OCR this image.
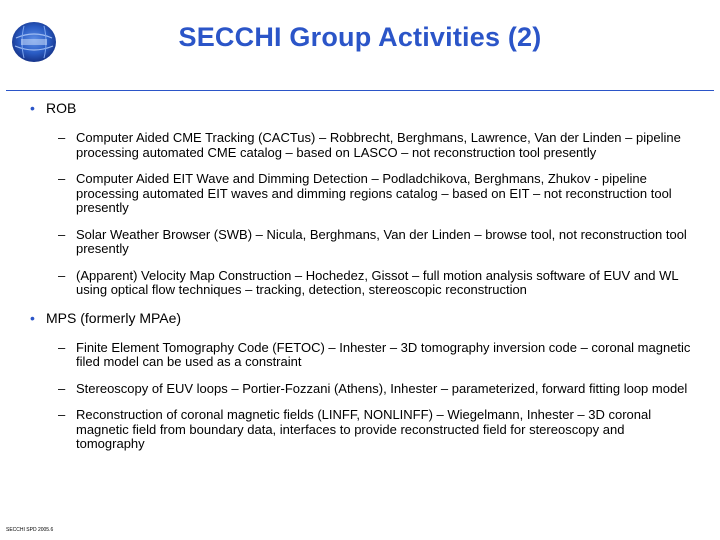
SECCHI Group Activities (2)
• ROB
– Computer Aided CME Tracking (CACTus) – Robbrecht, Berghmans, Lawrence, Van der Linden – pipeline processing automated CME catalog – based on LASCO – not reconstruction tool presently
– Computer Aided EIT Wave and Dimming Detection – Podladchikova, Berghmans, Zhukov - pipeline processing automated EIT waves and dimming regions catalog – based on EIT – not reconstruction tool presently
– Solar Weather Browser (SWB) – Nicula, Berghmans, Van der Linden – browse tool, not reconstruction tool presently
– (Apparent) Velocity Map Construction – Hochedez, Gissot – full motion analysis software of EUV and WL using optical flow techniques – tracking, detection, stereoscopic reconstruction
• MPS (formerly MPAe)
– Finite Element Tomography Code (FETOC) – Inhester – 3D tomography inversion code – coronal magnetic filed model can be used as a constraint
– Stereoscopy of EUV loops – Portier-Fozzani (Athens), Inhester – parameterized, forward fitting loop model
– Reconstruction of coronal magnetic fields (LINFF, NONLINFF) – Wiegelmann, Inhester – 3D coronal magnetic field from boundary data, interfaces to provide reconstructed field for stereoscopy and tomography
SECCHI SPD 2005.6
